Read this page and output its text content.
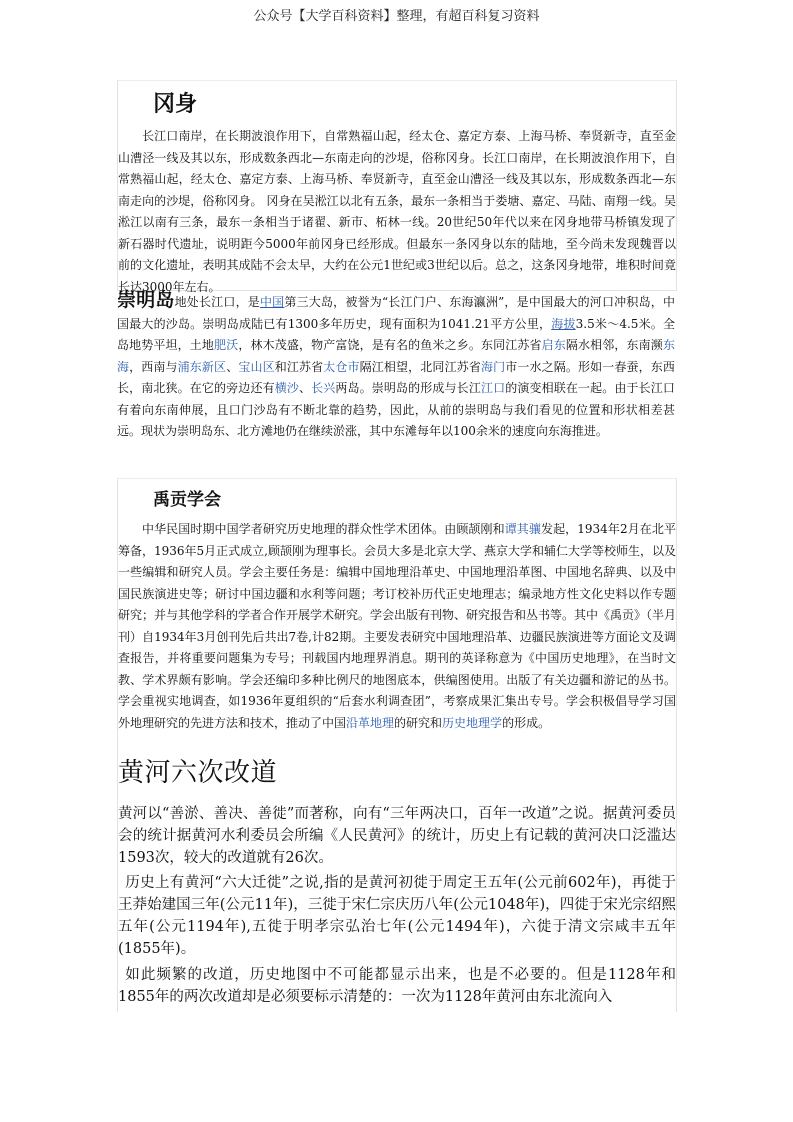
公众号【大学百科资料】整理，有超百科复习资料
冈身

长江口南岸，在长期波浪作用下，自常熟福山起，经太仓、嘉定方泰、上海马桥、奉贤新寺，直至金山漕泾一线及其以东，形成数条西北—东南走向的沙堤，俗称冈身。长江口南岸，在长期波浪作用下，自常熟福山起，经太仓、嘉定方泰、上海马桥、奉贤新寺，直至金山漕泾一线及其以东，形成数条西北—东南走向的沙堤，俗称冈身。 冈身在吴淞江以北有五条，最东一条相当于娄塘、嘉定、马陆、南翔一线。吴淞江以南有三条，最东一条相当于诸翟、新市、柘林一线。20世纪50年代以来在冈身地带马桥镇发现了新石器时代遗址，说明距今5000年前冈身已经形成。但最东一条冈身以东的陆地，至今尚未发现魏晋以前的文化遗址，表明其成陆不会太早，大约在公元1世纪或3世纪以后。总之，这条冈身地带，堆积时间竟长达3000年左右。

崇明岛地处长江口，是中国第三大岛，被誉为“长江门户、东海瀛洲”，是中国最大的河口冲积岛，中国最大的沙岛。崇明岛成陆已有1300多年历史，现有面积为1041.21平方公里，海拔3.5米～4.5米。全岛地势平坦，土地肥沃，林木茂盛，物产富饶，是有名的鱼米之乡。东同江苏省启东隔水相邻，东南濒东海，西南与浦东新区、宝山区和江苏省太仓市隔江相望，北同江苏省海门市一水之隔。形如一春蚕，东西长，南北狭。在它的旁边还有横沙、长兴两岛。崇明岛的形成与长江江口的演变相联在一起。由于长江口有着向东南伸展，且口门沙岛有不断北靠的趋势，因此，从前的崇明岛与我们看见的位置和形状相差甚远。现状为崇明岛东、北方滩地仍在继续淤涨，其中东滩每年以100余米的速度向东海推进。

禹贡学会

中华民国时期中国学者研究历史地理的群众性学术团体。由顾颉刚和谭其骧发起，1934年2月在北平筹备，1936年5月正式成立,顾颉刚为理事长。会员大多是北京大学、燕京大学和辅仁大学等校师生，以及一些编辑和研究人员。学会主要任务是：编辑中国地理沿革史、中国地理沿革图、中国地名辞典、以及中国民族演进史等；研讨中国边疆和水利等问题；考订校补历代正史地理志；编录地方性文化史料以作专题研究；并与其他学科的学者合作开展学术研究。学会出版有刊物、研究报告和丛书等。其中《禹贡》（半月刊）自1934年3月创刊先后共出7卷,计82期。主要发表研究中国地理沿革、边疆民族演进等方面论文及调查报告，并将重要问题集为专号；刊载国内地理界消息。期刊的英译称意为《中国历史地理》，在当时文教、学术界颇有影响。学会还编印多种比例尺的地图底本，供编图使用。出版了有关边疆和游记的丛书。学会重视实地调查，如1936年夏组织的“后套水利调查团”，考察成果汇集出专号。学会积极倡导学习国外地理研究的先进方法和技术，推动了中国沿革地理的研究和历史地理学的形成。

黄河六次改道

黄河以“善淤、善决、善徙”而著称，向有“三年两决口，百年一改道”之说。据黄河委员会的统计据黄河水利委员会所编《人民黄河》的统计，历史上有记载的黄河决口泛滥达1593次，较大的改道就有26次。

历史上有黄河“六大迁徙”之说,指的是黄河初徙于周定王五年(公元前602年)，再徙于王莽始建国三年(公元11年)，三徙于宋仁宗庆历八年(公元1048年)，四徙于宋光宗绍熙五年(公元1194年),五徙于明孝宗弘治七年(公元1494年)，六徙于清文宗咸丰五年(1855年)。

如此频繁的改道，历史地图中不可能都显示出来，也是不必要的。但是1128年和1855年的两次改道却是必须要标示清楚的：一次为1128年黄河由东北流向入
